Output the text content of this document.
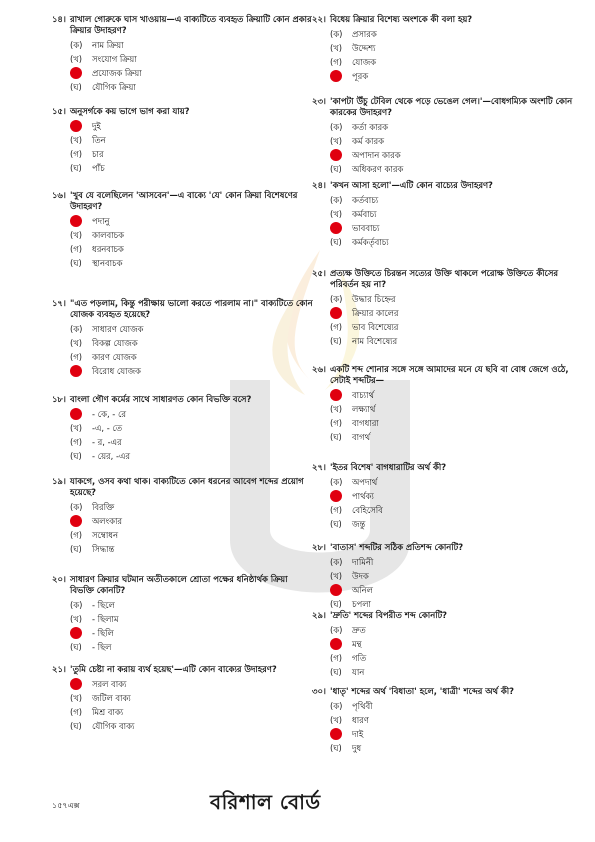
১৪। রাখাল গোরুকে ঘাস খাওয়ায়—এ বাক্যটিতে ব্যবহৃত ক্রিয়াটি কোন প্রকার ক্রিয়ার উদাহরণ?
(ক)	নাম ক্রিয়া
(খ)	সংযোগ ক্রিয়া
প্রযোজক ক্রিয়া
(ঘ)	যৌগিক ক্রিয়া
১৫। অনুসর্গকে কয় ভাগে ভাগ করা যায়?
দুই
(খ)	তিন
(গ)	চার
(ঘ)	পাঁচ
১৬। 'খুব যে বলেছিলেন 'আসবেন'—এ বাক্যে 'যে' কোন ক্রিয়া বিশেষণের উদাহরণ?
পদানু
(খ)	কালবাচক
(গ)	ধরনবাচক
(ঘ)	স্থানবাচক
১৭। "এত পড়লাম, কিন্তু পরীক্ষায় ভালো করতে পারলাম না।" বাক্যটিতে কোন যোজক ব্যবহৃত হয়েছে?
(ক)	সাধারণ যোজক
(খ)	বিকল্প যোজক
(গ)	কারণ যোজক
বিরোধ যোজক
১৮। বাংলা গৌণ কর্মের সাথে সাধারণত কোন বিভক্তি বসে?
- কে, - রে
(খ)	-এ, - তে
(গ)	- র, -এর
(ঘ)	- য়ের, -এর
১৯। যাকগে, ওসব কথা থাক। বাক্যটিতে কোন ধরনের আবেগ শব্দের প্রয়োগ হয়েছে?
(ক)	বিরক্তি
অলংকার
(গ)	সম্বোধন
(ঘ)	সিদ্ধান্ত
২০। সাধারণ ক্রিয়ার ঘটমান অতীতকালে শ্রোতা পক্ষের ধনিষ্ঠার্থক ক্রিয়া বিভক্তি কোনটি?
(ক)	- ছিলে
(খ)	- ছিলাম
- ছিলি
(ঘ)	- ছিল
২১। 'তুমি চেষ্টা না করায় ব্যর্থ হয়েছ'—এটি কোন বাক্যের উদাহরণ?
সরল বাক্য
(খ)	জটিল বাক্য
(গ)	মিশ্র বাক্য
(ঘ)	যৌগিক বাক্য
২২। বিধেয় ক্রিয়ার বিশেষ্য অংশকে কী বলা হয়?
(ক)	প্রসারক
(খ)	উদ্দেশ্য
(গ)	যোজক
পূরক
২৩। 'কাপটা উঁচু টেবিল থেকে পড়ে ভেঙেল গেল।'—বোধগম্যিক অংশটি কোন কারকের উদাহরণ?
(ক)	কর্তা কারক
(খ)	কর্ম কারক
অপাদান কারক
(ঘ)	অধিকরণ কারক
২৪। 'কখন আসা হলো'—এটি কোন বাচ্যের উদাহরণ?
(ক)	কর্তবাচ্য
(খ)	কর্মবাচ্য
ভাববাচ্য
(ঘ)	কর্মকর্তৃবাচ্য
২৫। প্রত্যক্ষ উক্তিতে চিরন্তন সত্যের উক্তি থাকলে পরোক্ষ উক্তিতে কীসের পরিবর্তন হয় না?
(ক)	উদ্ধার চিহ্নের
ক্রিয়ার কালের
(গ)	ভাব বিশেষ্যের
(ঘ)	নাম বিশেষ্যের
২৬। একটি শব্দ শোনার সঙ্গে সঙ্গে আমাদের মনে যে ছবি বা বোধ জেগে ওঠে, সেটাই শব্দটির—
বাচ্যার্থ
(খ)	লক্ষ্যার্থ
(গ)	বাগধারা
(ঘ)	বাগর্থ
২৭। 'ইতর বিশেষ' বাগধারাটির অর্থ কী?
(ক)	অপদার্থ
পার্থক্য
(গ)	বেহিসেবি
(ঘ)	জন্তু
২৮। 'বাতাস' শব্দটির সঠিক প্রতিশব্দ কোনটি?
(ক)	দামিনী
(খ)	উদক
অনিল
(ঘ)	চপলা
২৯। 'দ্রুতি' শব্দের বিপরীত শব্দ কোনটি?
(ক)	দ্রুত
মন্থ
(গ)	গতি
(ঘ)	যান
৩০। 'ধাতৃ' শব্দের অর্থ 'বিধাতা' হলে, 'ধাত্রী' শব্দের অর্থ কী?
(ক)	পৃথিবী
(খ)	ধারণ
দাই
(ঘ)	দুধ
১৫৭এক্স	বরিশাল বোর্ড
